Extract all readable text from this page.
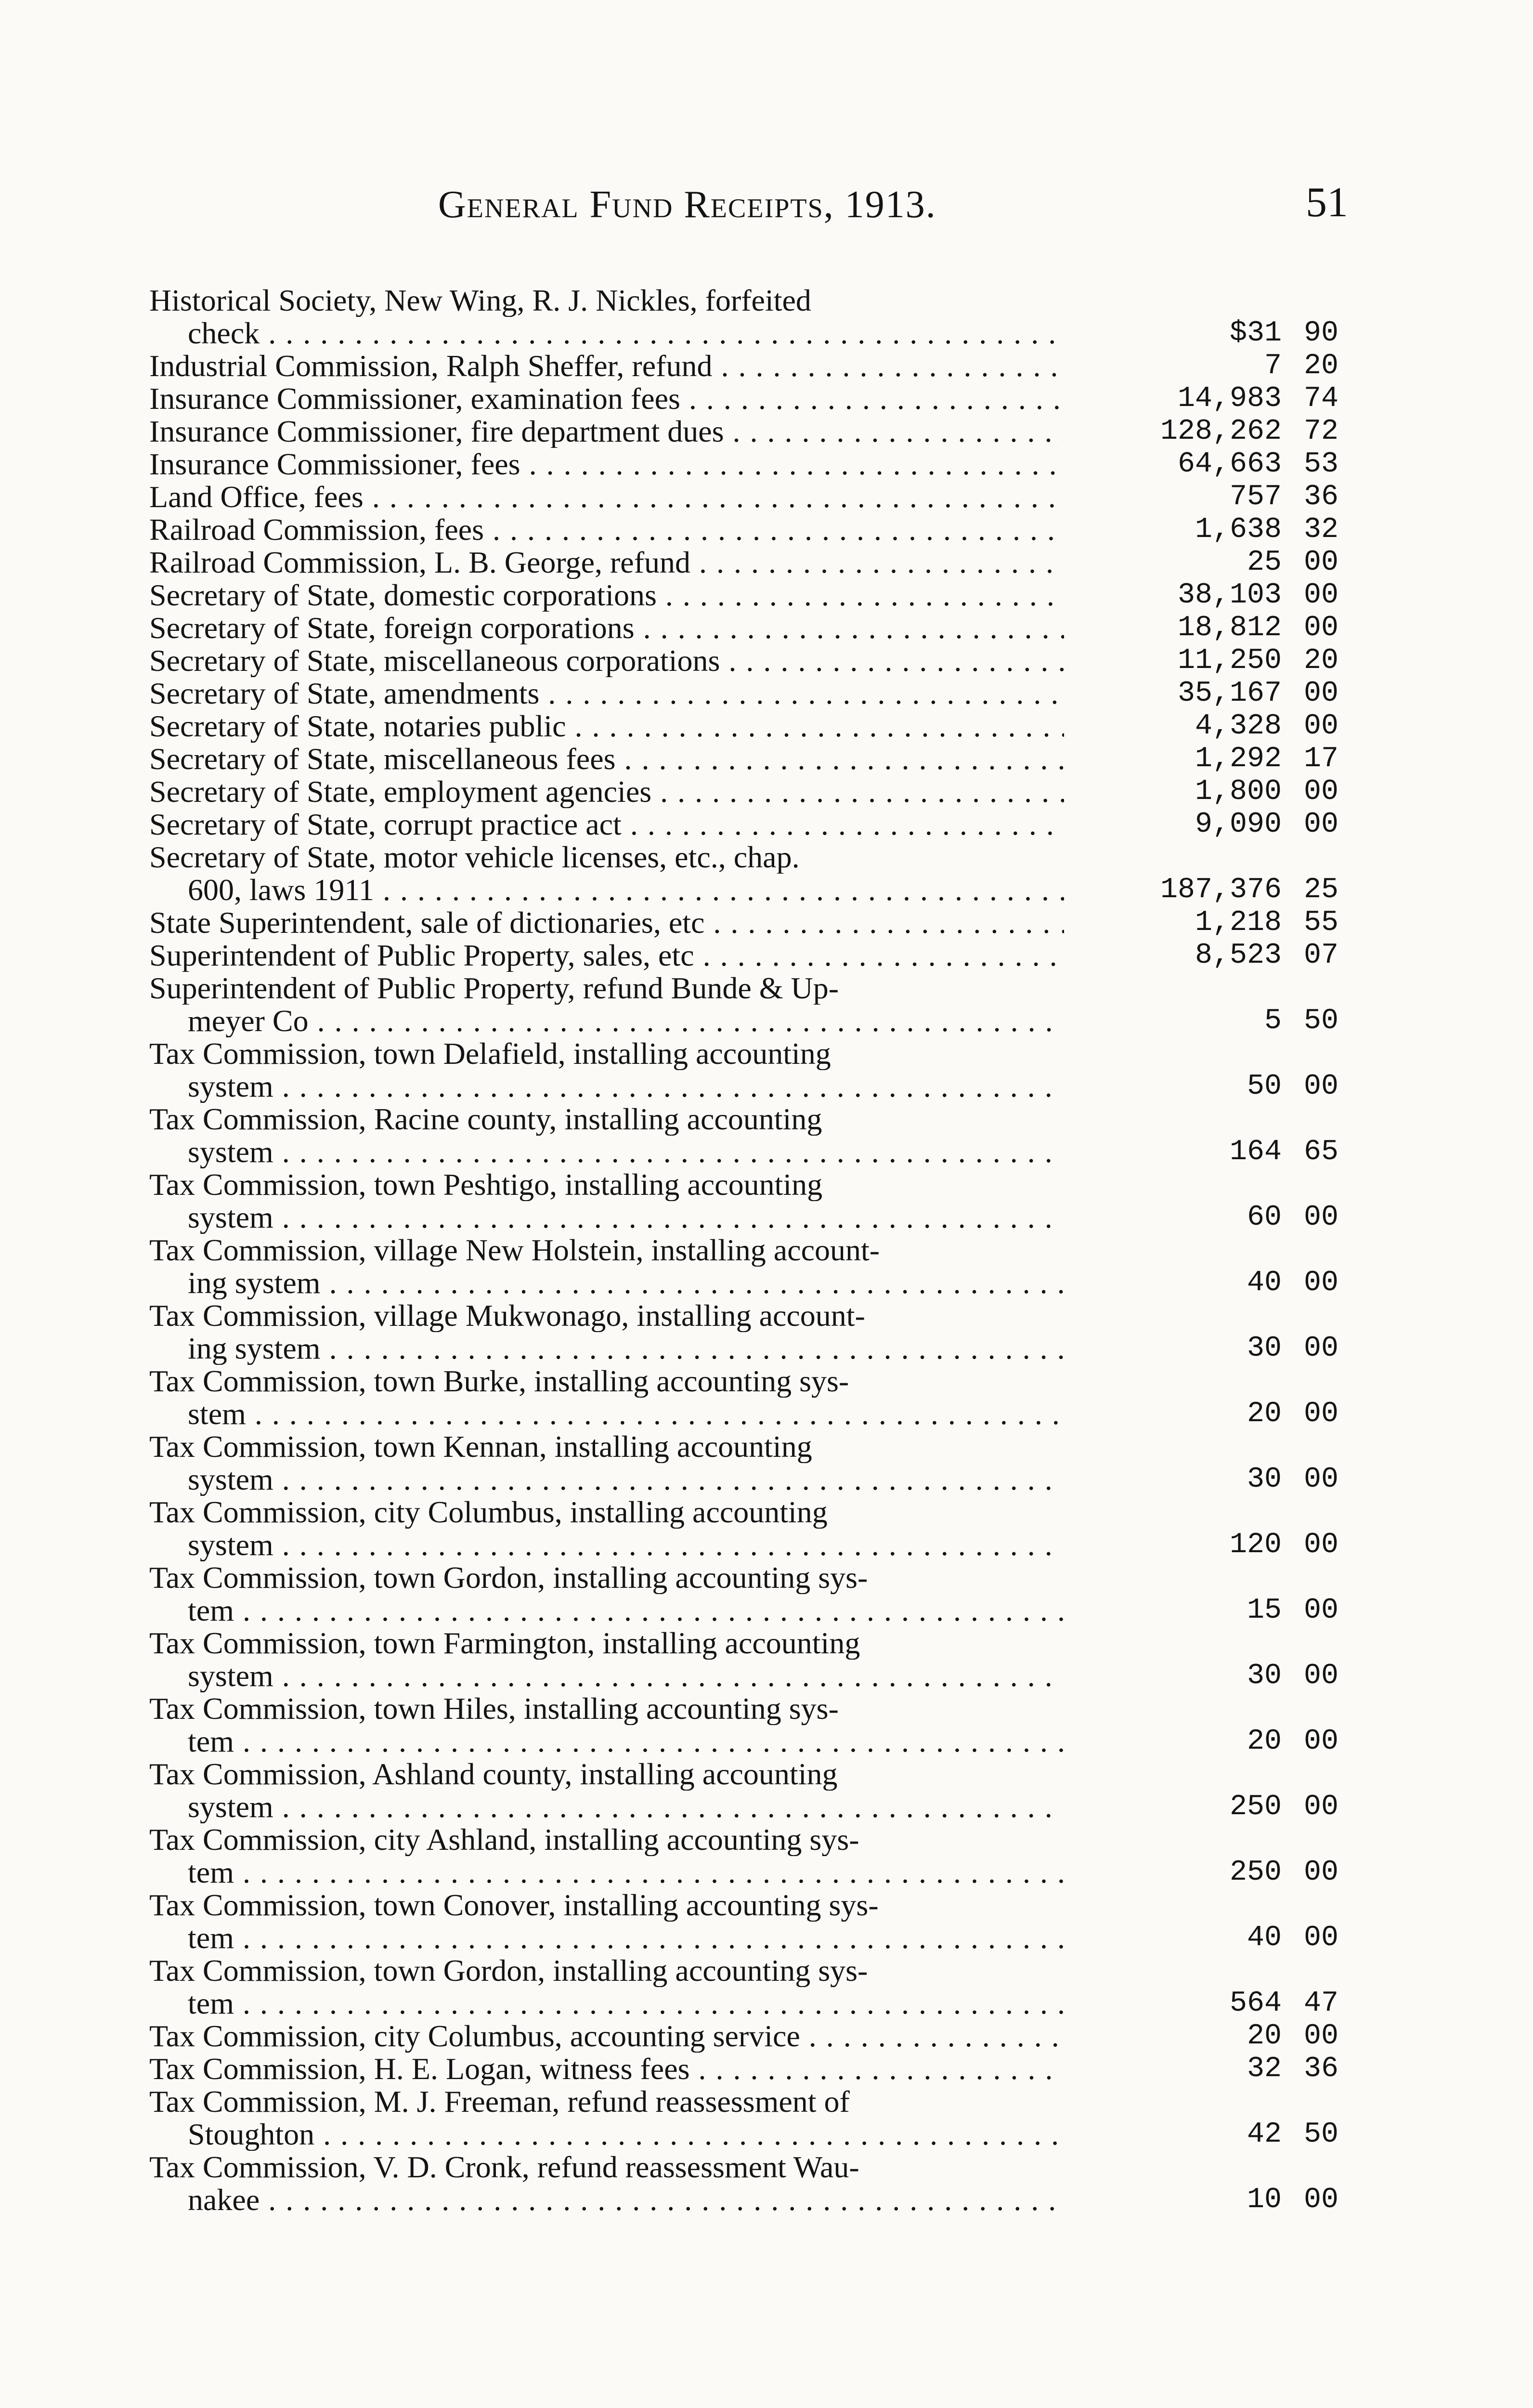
General Fund Receipts, 1913.	51
Historical Society, New Wing, R. J. Nickles, forfeited
check . . .	$31 90
Industrial Commission, Ralph Sheffer, refund . . .	7 20
Insurance Commissioner, examination fees . . .	14,983 74
Insurance Commissioner, fire department dues . . .	128,262 72
Insurance Commissioner, fees . . .	64,663 53
Land Office, fees . . .	757 36
Railroad Commission, fees . . .	1,638 32
Railroad Commission, L. B. George, refund . . .	25 00
Secretary of State, domestic corporations . . .	38,103 00
Secretary of State, foreign corporations . . .	18,812 00
Secretary of State, miscellaneous corporations . . .	11,250 20
Secretary of State, amendments . . .	35,167 00
Secretary of State, notaries public . . .	4,328 00
Secretary of State, miscellaneous fees . . .	1,292 17
Secretary of State, employment agencies . . .	1,800 00
Secretary of State, corrupt practice act . . .	9,090 00
Secretary of State, motor vehicle licenses, etc., chap.
600, laws 1911 . . .	187,376 25
State Superintendent, sale of dictionaries, etc . . .	1,218 55
Superintendent of Public Property, sales, etc . . .	8,523 07
Superintendent of Public Property, refund Bunde & Up-
meyer Co . . .	5 50
Tax Commission, town Delafield, installing accounting
system . . .	50 00
Tax Commission, Racine county, installing accounting
system . . .	164 65
Tax Commission, town Peshtigo, installing accounting
system . . .	60 00
Tax Commission, village New Holstein, installing account-
ing system . . .	40 00
Tax Commission, village Mukwonago, installing account-
ing system . . .	30 00
Tax Commission, town Burke, installing accounting sys-
stem . . .	20 00
Tax Commission, town Kennan, installing accounting
system . . .	30 00
Tax Commission, city Columbus, installing accounting
system . . .	120 00
Tax Commission, town Gordon, installing accounting sys-
tem . . .	15 00
Tax Commission, town Farmington, installing accounting
system . . .	30 00
Tax Commission, town Hiles, installing accounting sys-
tem . . .	20 00
Tax Commission, Ashland county, installing accounting
system . . .	250 00
Tax Commission, city Ashland, installing accounting sys-
tem . . .	250 00
Tax Commission, town Conover, installing accounting sys-
tem . . .	40 00
Tax Commission, town Gordon, installing accounting sys-
tem . . .	564 47
Tax Commission, city Columbus, accounting service . . .	20 00
Tax Commission, H. E. Logan, witness fees . . .	32 36
Tax Commission, M. J. Freeman, refund reassessment of
Stoughton . . .	42 50
Tax Commission, V. D. Cronk, refund reassessment Wau-
nakee . . .	10 00
